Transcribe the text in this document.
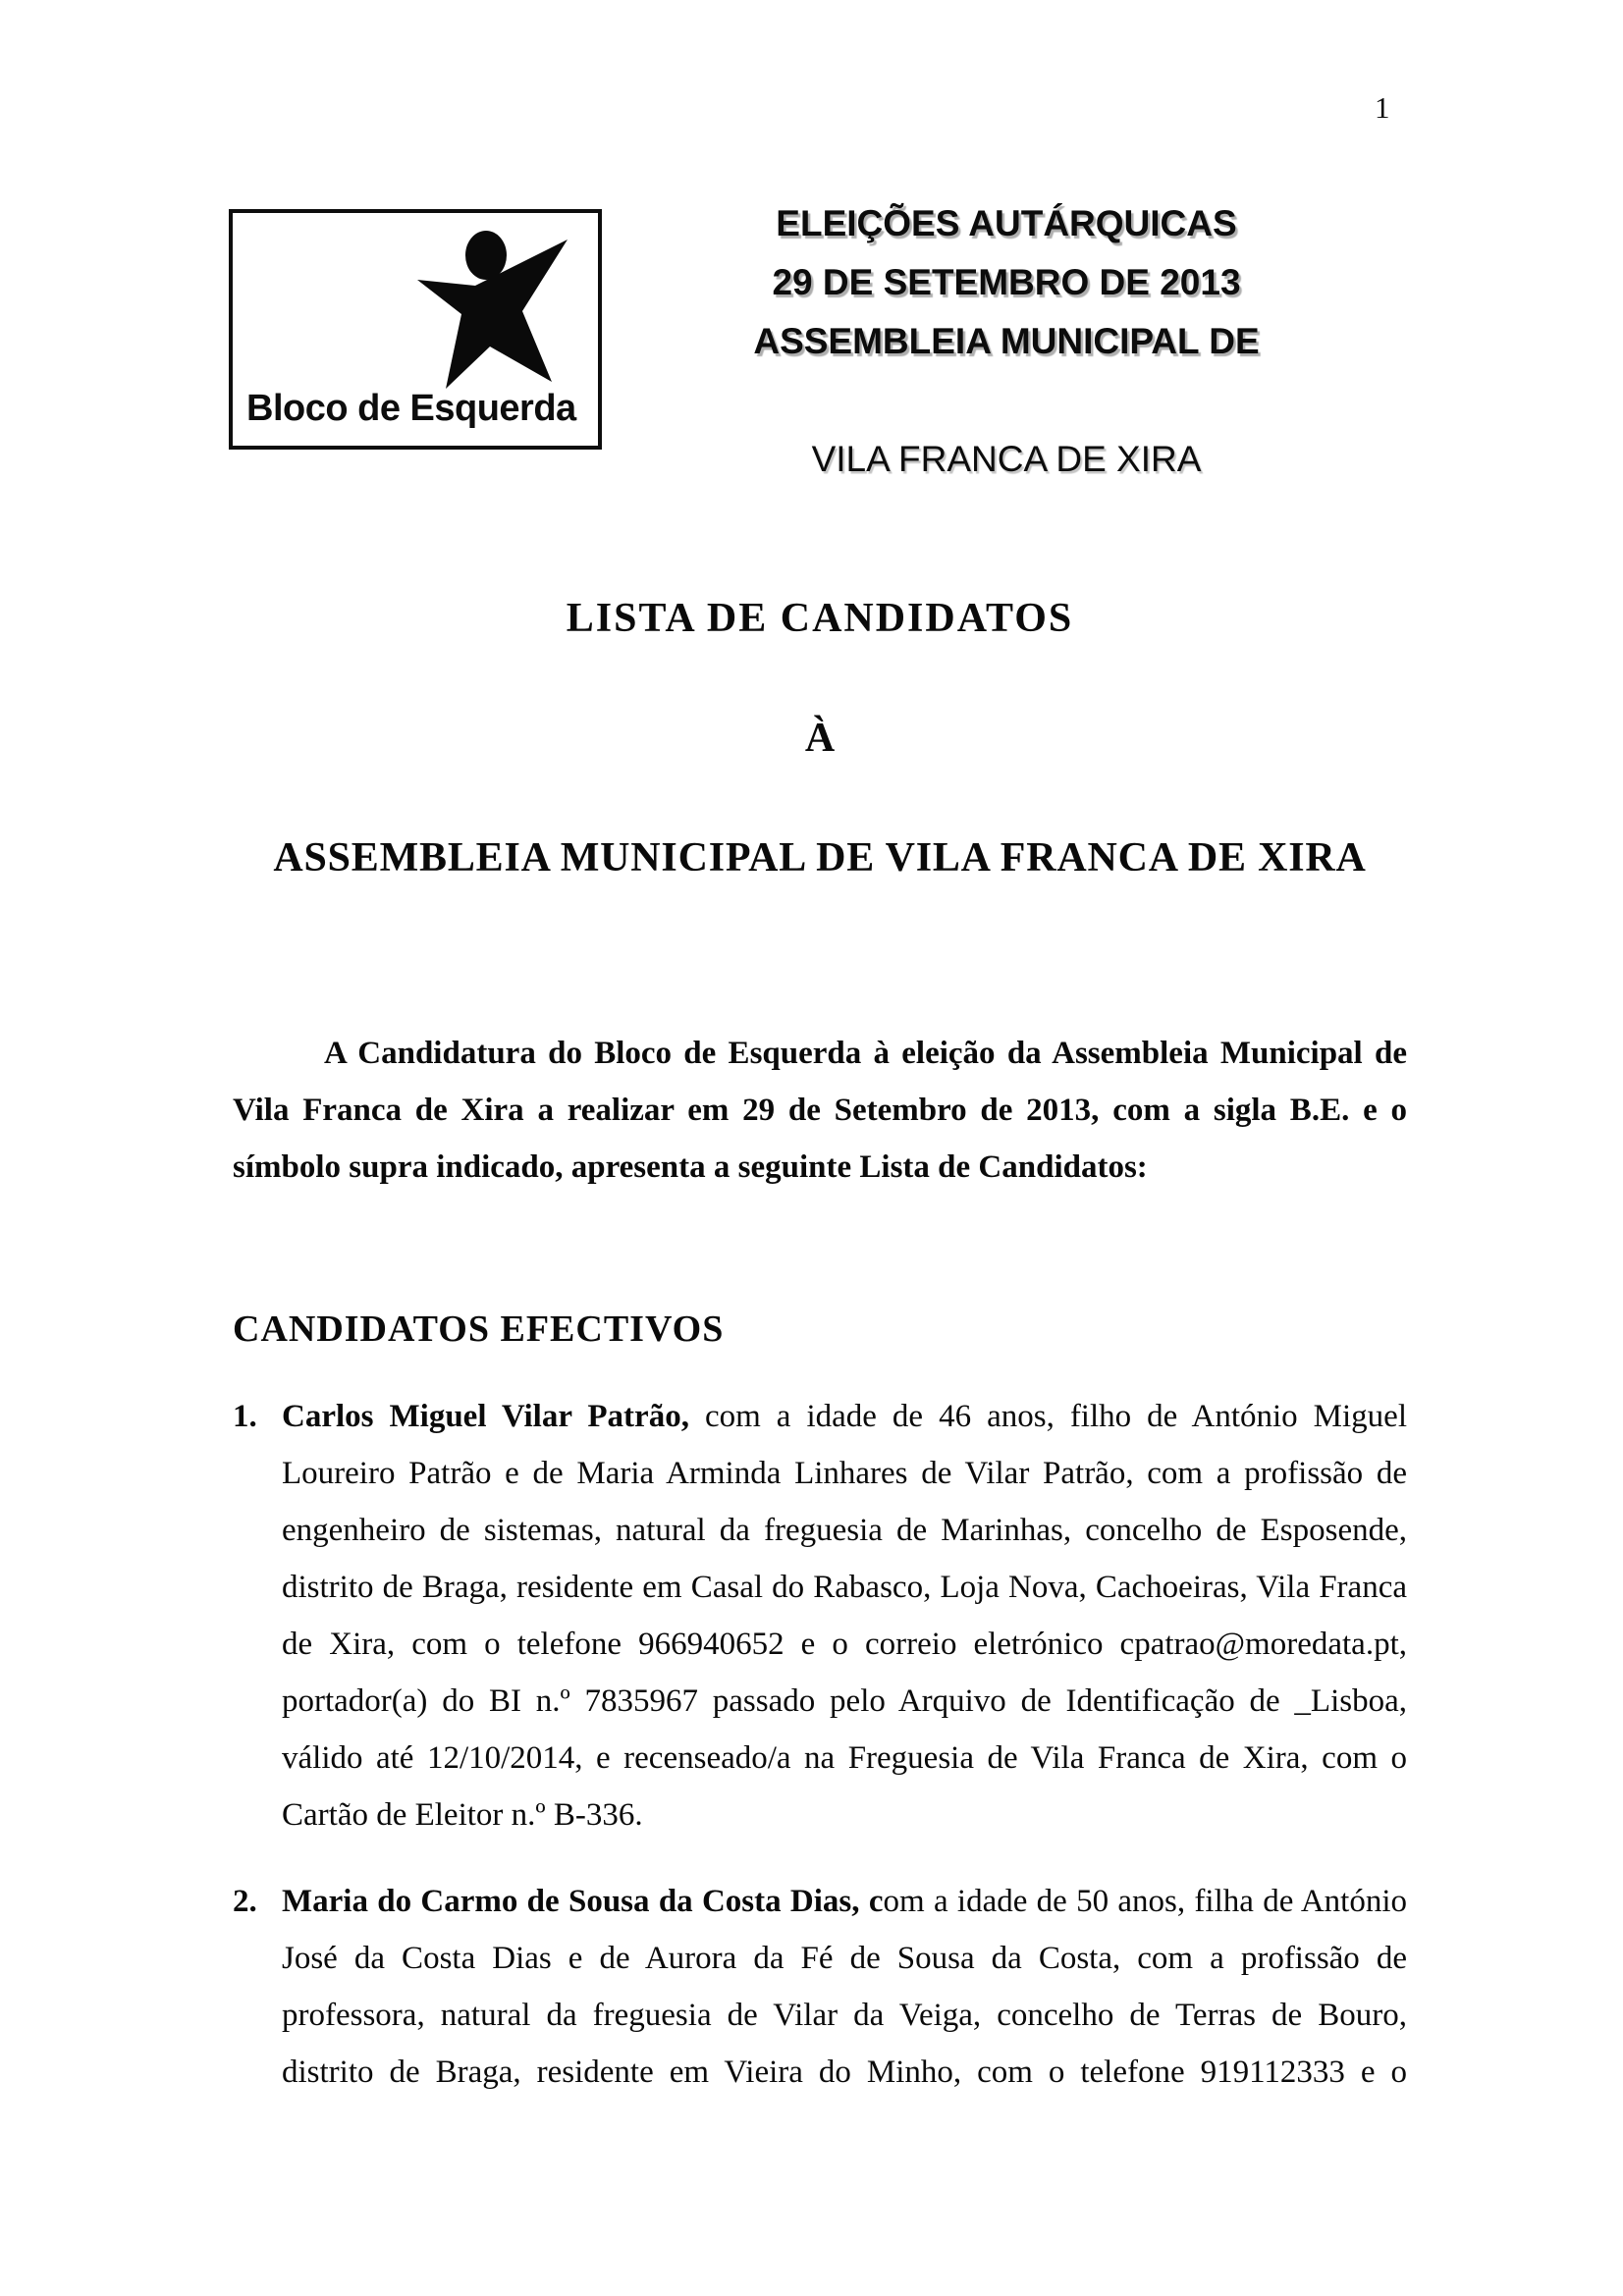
1
Bloco de Esquerda
ELEIÇÕES AUTÁRQUICAS
29 DE SETEMBRO DE 2013
ASSEMBLEIA MUNICIPAL DE
VILA FRANCA DE XIRA
LISTA DE CANDIDATOS
À
ASSEMBLEIA MUNICIPAL DE VILA FRANCA DE XIRA

A Candidatura do Bloco de Esquerda à eleição da Assembleia Municipal de Vila Franca de Xira a realizar em 29 de Setembro de 2013, com a sigla B.E. e o símbolo supra indicado, apresenta a seguinte Lista de Candidatos:

CANDIDATOS EFECTIVOS
1. Carlos Miguel Vilar Patrão, com a idade de 46 anos, filho de António Miguel Loureiro Patrão e de Maria Arminda Linhares de Vilar Patrão, com a profissão de engenheiro de sistemas, natural da freguesia de Marinhas, concelho de Esposende, distrito de Braga, residente em Casal do Rabasco, Loja Nova, Cachoeiras, Vila Franca de Xira, com o telefone 966940652 e o correio eletrónico cpatrao@moredata.pt, portador(a) do BI n.º 7835967 passado pelo Arquivo de Identificação de _Lisboa, válido até 12/10/2014, e recenseado/a na Freguesia de Vila Franca de Xira, com o Cartão de Eleitor n.º B-336.

2. Maria do Carmo de Sousa da Costa Dias, com a idade de 50 anos, filha de António José da Costa Dias e de Aurora da Fé de Sousa da Costa, com a profissão de professora, natural da freguesia de Vilar da Veiga, concelho de Terras de Bouro, distrito de Braga, residente em Vieira do Minho, com o telefone 919112333 e o
